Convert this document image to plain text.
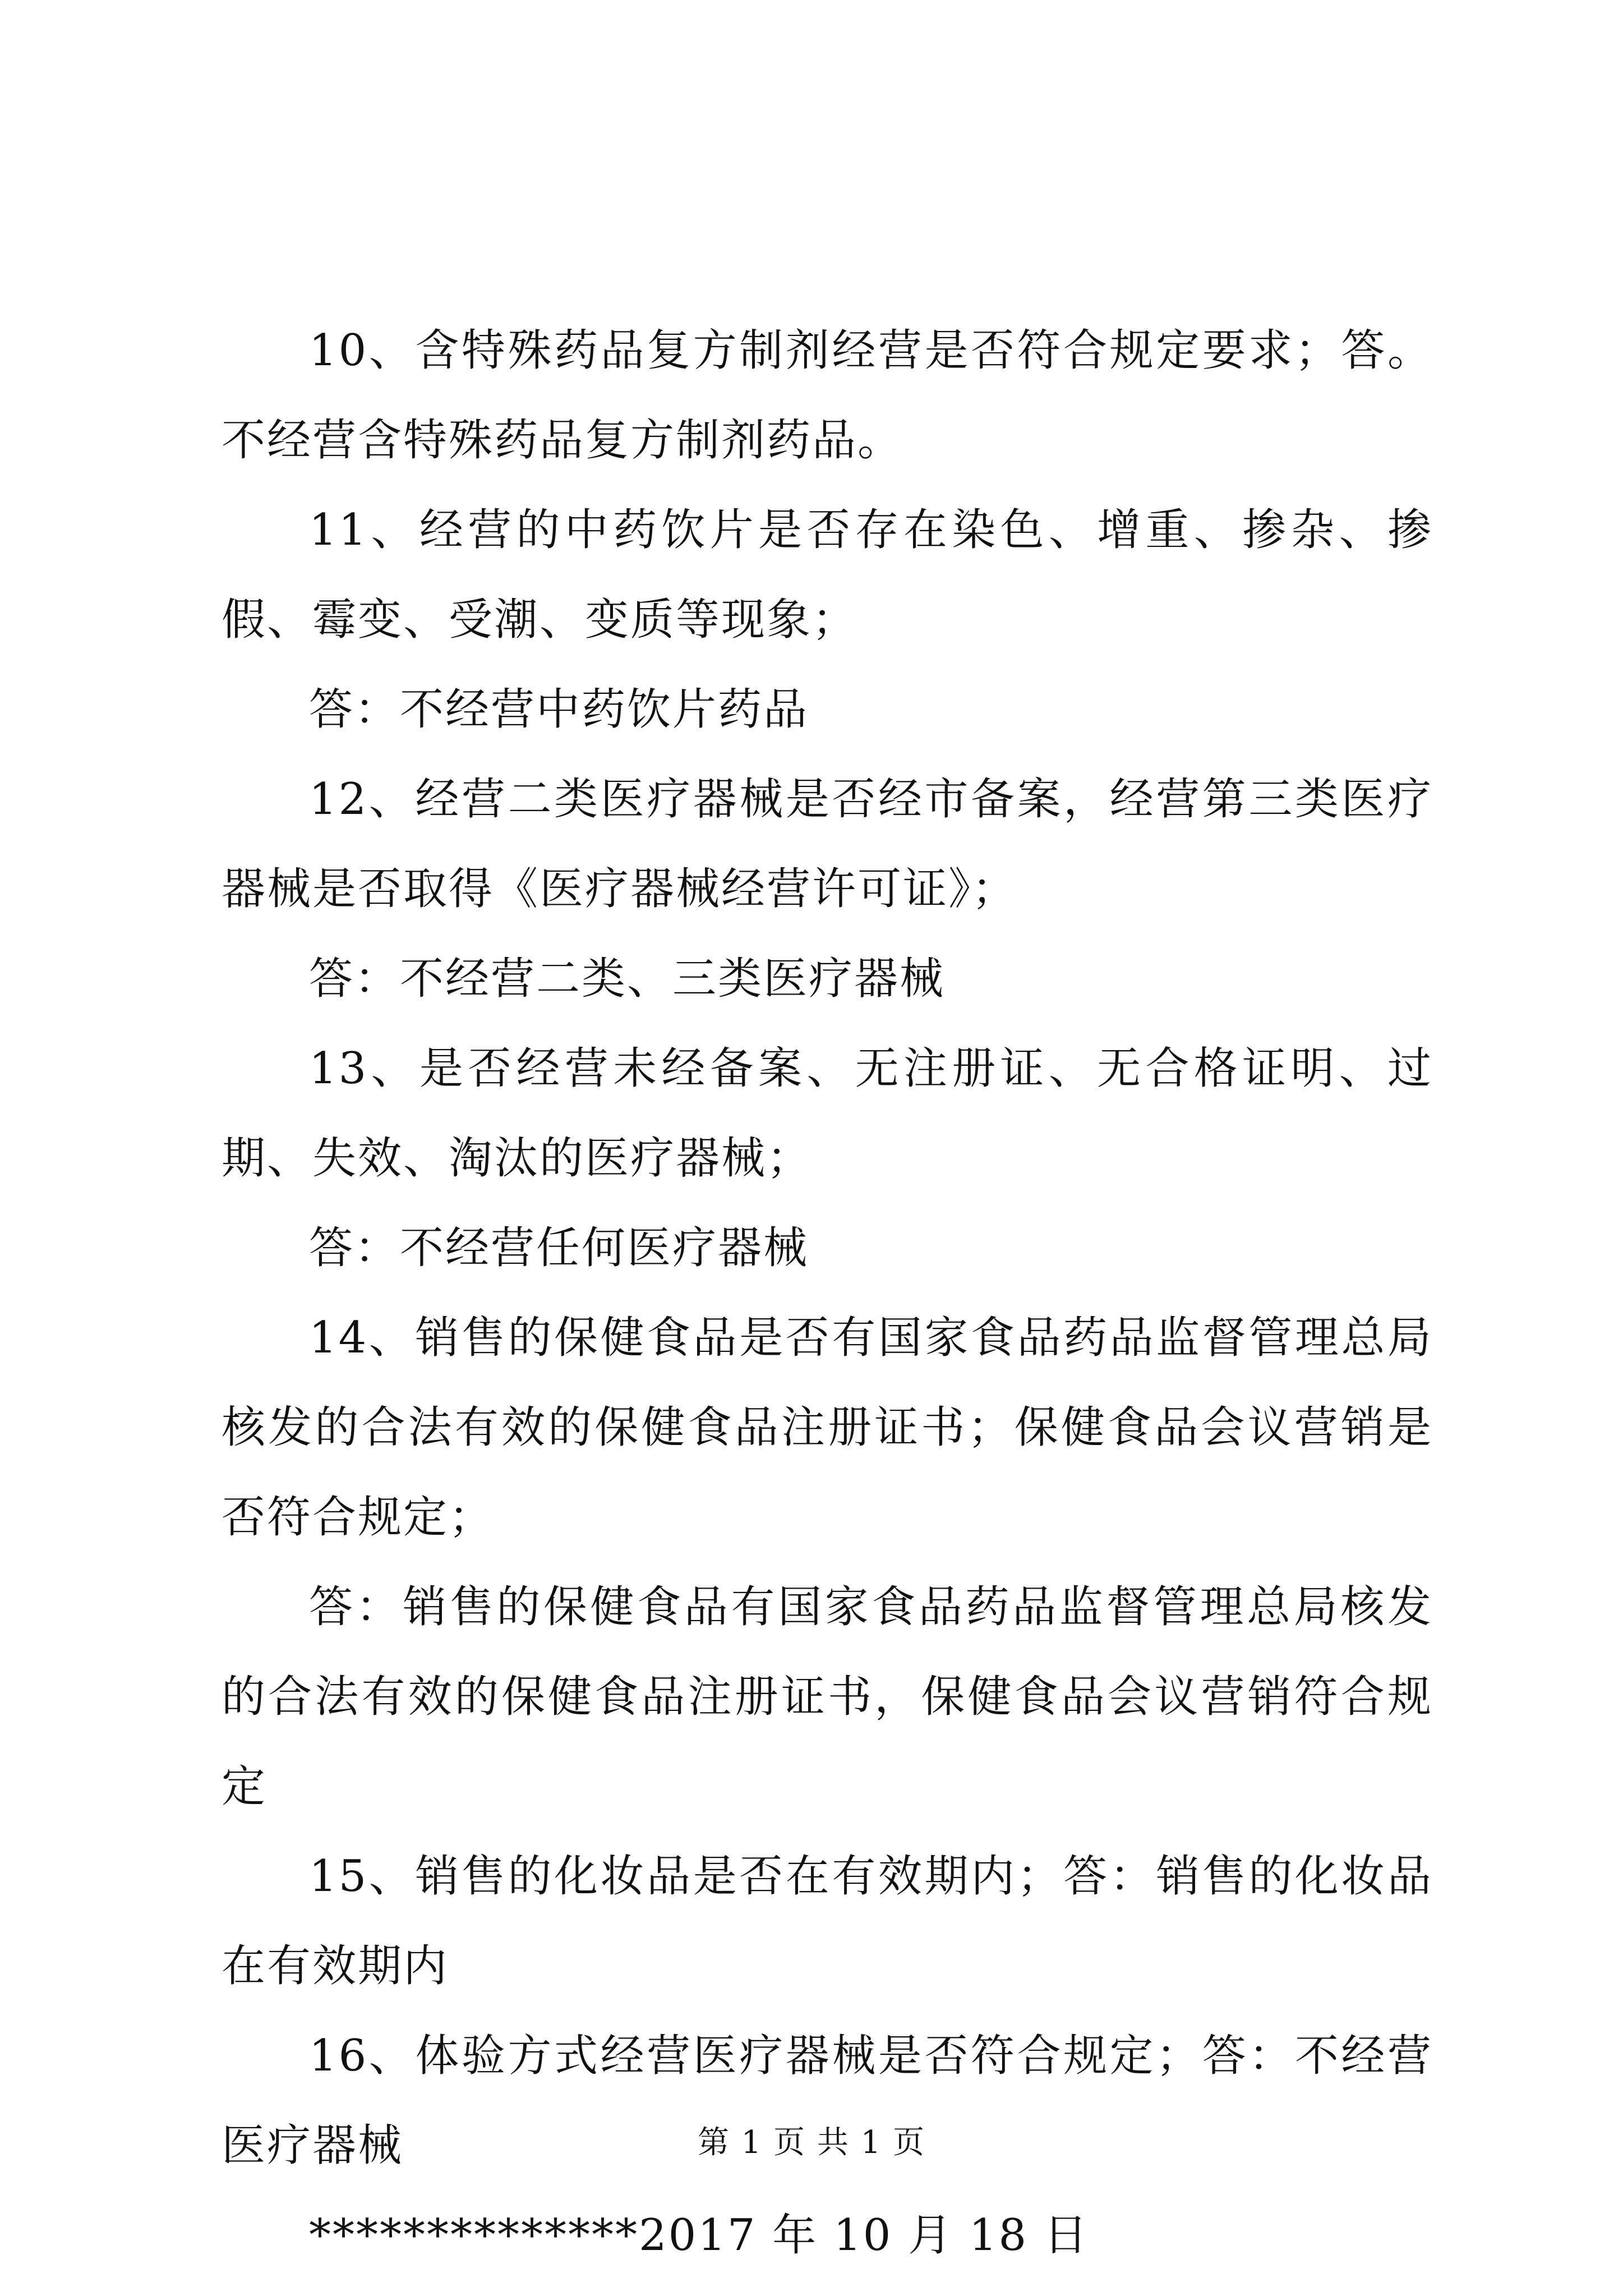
10、含特殊药品复方制剂经营是否符合规定要求；答。不经营含特殊药品复方制剂药品。

11、经营的中药饮片是否存在染色、增重、掺杂、掺假、霉变、受潮、变质等现象；

答：不经营中药饮片药品

12、经营二类医疗器械是否经市备案，经营第三类医疗器械是否取得《医疗器械经营许可证》；

答：不经营二类、三类医疗器械

13、是否经营未经备案、无注册证、无合格证明、过期、失效、淘汰的医疗器械；

答：不经营任何医疗器械

14、销售的保健食品是否有国家食品药品监督管理总局核发的合法有效的保健食品注册证书；保健食品会议营销是否符合规定；

答：销售的保健食品有国家食品药品监督管理总局核发的合法有效的保健食品注册证书，保健食品会议营销符合规定

15、销售的化妆品是否在有效期内；答：销售的化妆品在有效期内

16、体验方式经营医疗器械是否符合规定；答：不经营医疗器械

**************2017 年 10 月 18 日

第 1 页 共 1 页
